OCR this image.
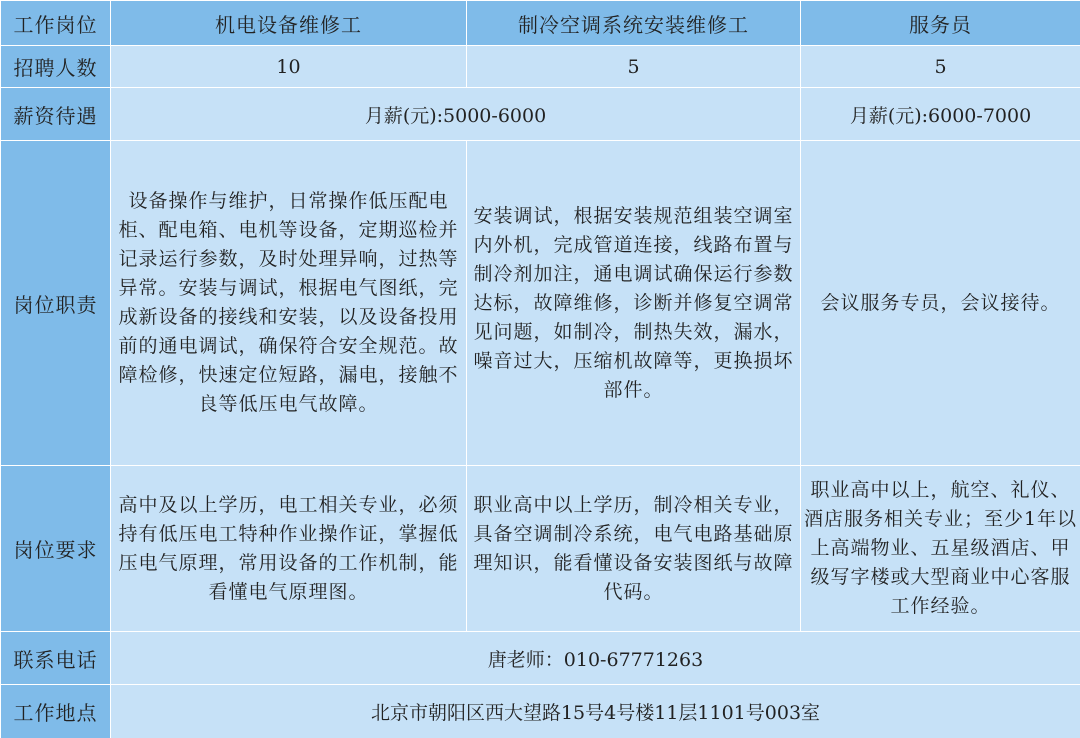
工作岗位	机电设备维修工	制冷空调系统安装维修工	服务员
招聘人数	10	5	5
薪资待遇	月薪(元):5000-6000		月薪(元):6000-7000
岗位职责	设备操作与维护，日常操作低压配电柜、配电箱、电机等设备，定期巡检并记录运行参数，及时处理异响，过热等异常。安装与调试，根据电气图纸，完成新设备的接线和安装，以及设备投用前的通电调试，确保符合安全规范。故障检修，快速定位短路，漏电，接触不良等低压电气故障。	安装调试，根据安装规范组装空调室内外机，完成管道连接，线路布置与制冷剂加注，通电调试确保运行参数达标，故障维修，诊断并修复空调常见问题，如制冷，制热失效，漏水，噪音过大，压缩机故障等，更换损坏部件。	会议服务专员，会议接待。
岗位要求	高中及以上学历，电工相关专业，必须持有低压电工特种作业操作证，掌握低压电气原理，常用设备的工作机制，能看懂电气原理图。	职业高中以上学历，制冷相关专业，具备空调制冷系统，电气电路基础原理知识，能看懂设备安装图纸与故障代码。	职业高中以上，航空、礼仪、酒店服务相关专业；至少1年以上高端物业、五星级酒店、甲级写字楼或大型商业中心客服工作经验。
联系电话	唐老师：010-67771263		
工作地点	北京市朝阳区西大望路15号4号楼11层1101号003室		
